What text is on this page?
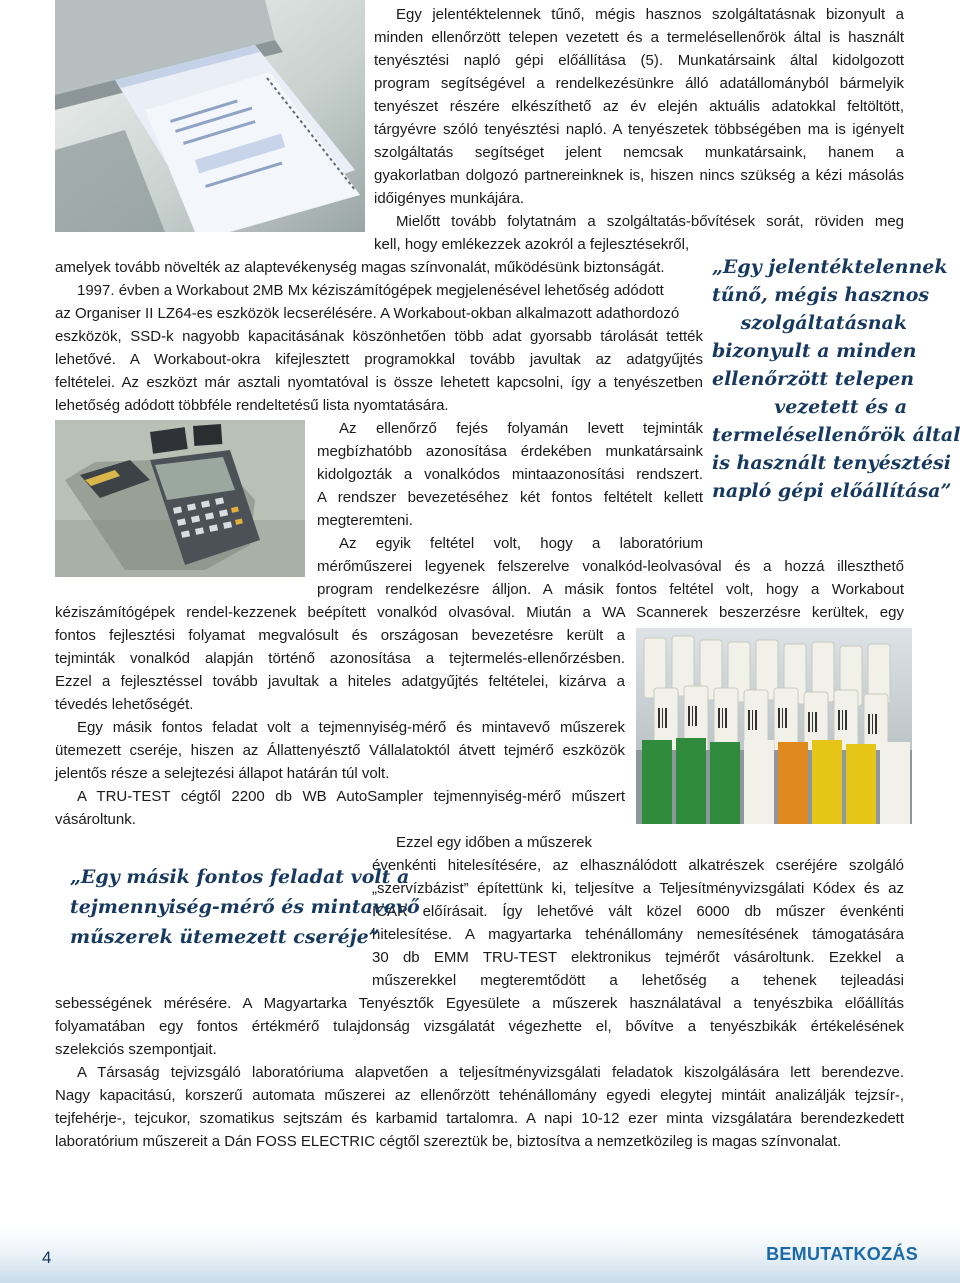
Egy jelentéktelennek tűnő, mégis hasznos szolgáltatásnak bizonyult a
minden ellenőrzött telepen vezetett és a termelésellenőrök által is használt
tenyésztési napló gépi előállítása (5). Munkatársaink által kidolgozott
program segítségével a rendelkezésünkre álló adatállományból bármelyik
tenyészet részére elkészíthető az év elején aktuális adatokkal feltöltött,
tárgyévre szóló tenyésztési napló. A tenyészetek többségében ma is igényelt
szolgáltatás segítséget jelent nemcsak munkatársaink, hanem a
gyakorlatban dolgozó partnereinknek is, hiszen nincs szükség a kézi másolás
időigényes munkájára.
Mielőtt tovább folytatnám a szolgáltatás-bővítések sorát, röviden meg
kell, hogy emlékezzek azokról a fejlesztésekről,
amelyek tovább növelték az alaptevékenység magas színvonalát, működésünk biztonságát.
1997. évben a Workabout 2MB Mx kéziszámítógépek megjelenésével lehetőség adódott
az Organiser II LZ64-es eszközök lecserélésére. A Workabout-okban alkalmazott adathordozó
eszközök, SSD-k nagyobb kapacitásának köszönhetően több adat gyorsabb tárolását tették
lehetővé. A Workabout-okra kifejlesztett programokkal tovább javultak az adatgyűjtés
feltételei. Az eszközt már asztali nyomtatóval is össze lehetett kapcsolni, így a tenyészetben
lehetőség adódott többféle rendeltetésű lista nyomtatására.
Az ellenőrző fejés folyamán levett tejminták
megbízhatóbb azonosítása érdekében munkatársaink
kidolgozták a vonalkódos mintaazonosítási rendszert.
A rendszer bevezetéséhez két fontos feltételt kellett
megteremteni.
Az egyik feltétel volt, hogy a laboratórium
mérőműszerei legyenek felszerelve vonalkód-leolvasóval és a hozzá illeszthető
program rendelkezésre álljon. A másik fontos feltétel volt, hogy a Workabout
kéziszámítógépek rendel-kezzenek beépített vonalkód olvasóval. Miután a WA Scannerek beszerzésre kerültek, egy
fontos fejlesztési folyamat megvalósult és országosan bevezetésre került a
tejminták vonalkód alapján történő azonosítása a tejtermelés-ellenőrzésben.
Ezzel a fejlesztéssel tovább javultak a hiteles adatgyűjtés feltételei, kizárva a
tévedés lehetőségét.
Egy másik fontos feladat volt a tejmennyiség-mérő és mintavevő műszerek
ütemezett cseréje, hiszen az Állattenyésztő Vállalatoktól átvett tejmérő eszközök
jelentős része a selejtezési állapot határán túl volt.
A TRU-TEST cégtől 2200 db WB AutoSampler tejmennyiség-mérő műszert
vásároltunk.
Ezzel egy időben a műszerek
évenkénti hitelesítésére, az elhasználódott alkatrészek cseréjére szolgáló
„szervízbázist” építettünk ki, teljesítve a Teljesítményvizsgálati Kódex és az
ICAR előírásait. Így lehetővé vált közel 6000 db műszer évenkénti
hitelesítése. A magyartarka tehénállomány nemesítésének támogatására
30 db EMM TRU-TEST elektronikus tejmérőt vásároltunk. Ezekkel a
műszerekkel megteremtődött a lehetőség a tehenek tejleadási
sebességének mérésére. A Magyartarka Tenyésztők Egyesülete a műszerek használatával a tenyészbika előállítás
folyamatában egy fontos értékmérő tulajdonság vizsgálatát végezhette el, bővítve a tenyészbikák értékelésének
szelekciós szempontjait.
A Társaság tejvizsgáló laboratóriuma alapvetően a teljesítményvizsgálati feladatok kiszolgálására lett berendezve.
Nagy kapacitású, korszerű automata műszerei az ellenőrzött tehénállomány egyedi elegytej mintáit analizálják tejzsír-,
tejfehérje-, tejcukor, szomatikus sejtszám és karbamid tartalomra. A napi 10-12 ezer minta vizsgálatára berendezkedett
laboratórium műszereit a Dán FOSS ELECTRIC cégtől szereztük be, biztosítva a nemzetközileg is magas színvonalat.
„Egy jelentéktelennek
tűnő, mégis hasznos
szolgáltatásnak
bizonyult a minden
ellenőrzött telepen
vezetett és a
termelésellenőrök által
is használt tenyésztési
napló gépi előállítása”
„Egy másik fontos feladat volt a
tejmennyiség-mérő és mintavevő
műszerek ütemezett cseréje”
4	BEMUTATKOZÁS
